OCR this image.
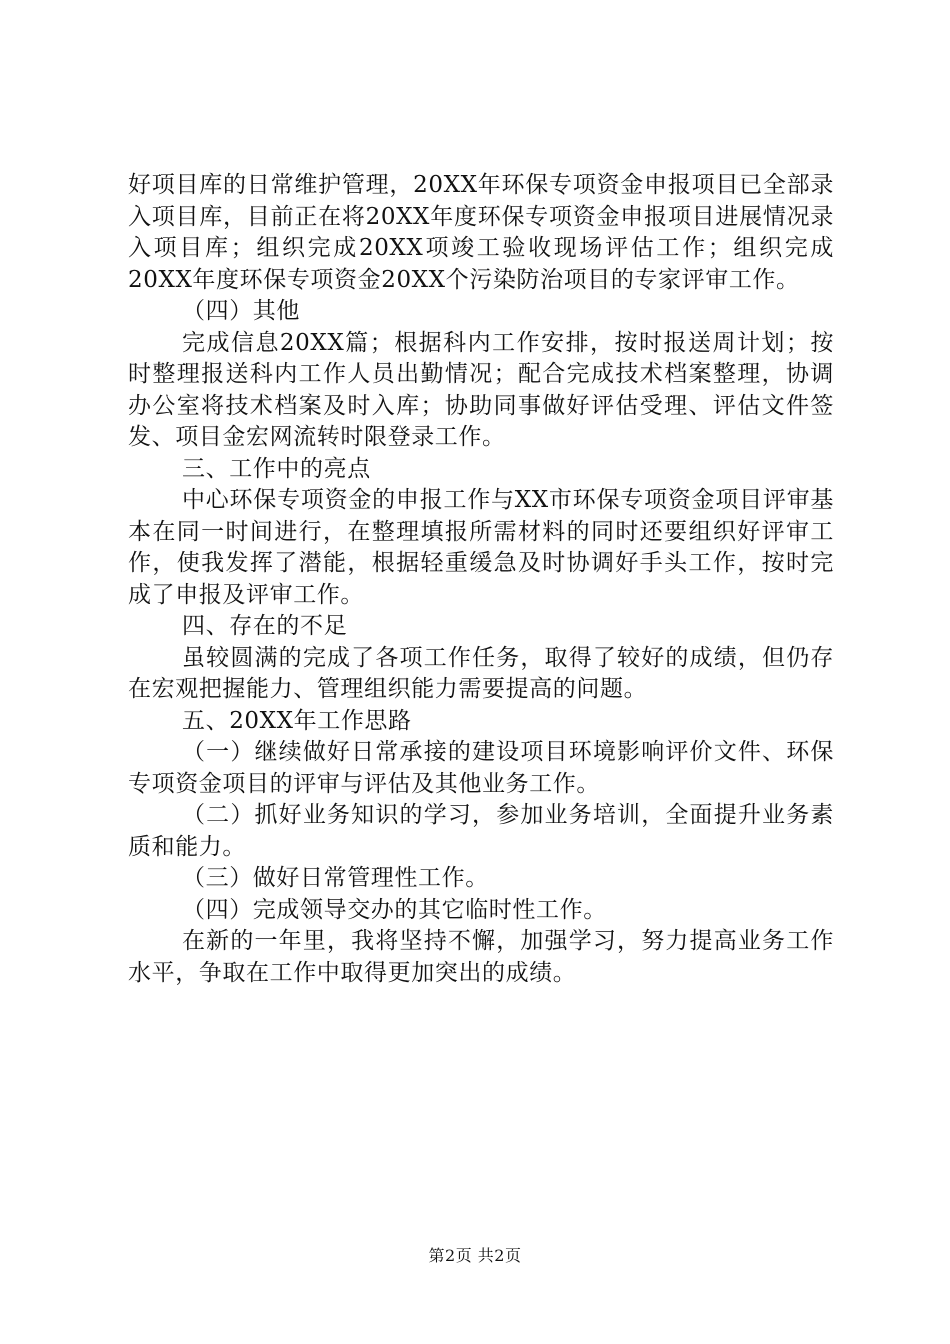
好项目库的日常维护管理，20XX年环保专项资金申报项目已全部录入项目库，目前正在将20XX年度环保专项资金申报项目进展情况录入项目库；组织完成20XX项竣工验收现场评估工作；组织完成20XX年度环保专项资金20XX个污染防治项目的专家评审工作。

（四）其他

完成信息20XX篇；根据科内工作安排，按时报送周计划；按时整理报送科内工作人员出勤情况；配合完成技术档案整理，协调办公室将技术档案及时入库；协助同事做好评估受理、评估文件签发、项目金宏网流转时限登录工作。

三、工作中的亮点

中心环保专项资金的申报工作与XX市环保专项资金项目评审基本在同一时间进行，在整理填报所需材料的同时还要组织好评审工作，使我发挥了潜能，根据轻重缓急及时协调好手头工作，按时完成了申报及评审工作。

四、存在的不足

虽较圆满的完成了各项工作任务，取得了较好的成绩，但仍存在宏观把握能力、管理组织能力需要提高的问题。

五、20XX年工作思路

（一）继续做好日常承接的建设项目环境影响评价文件、环保专项资金项目的评审与评估及其他业务工作。

（二）抓好业务知识的学习，参加业务培训，全面提升业务素质和能力。

（三）做好日常管理性工作。

（四）完成领导交办的其它临时性工作。

在新的一年里，我将坚持不懈，加强学习，努力提高业务工作水平，争取在工作中取得更加突出的成绩。

第2页 共2页
